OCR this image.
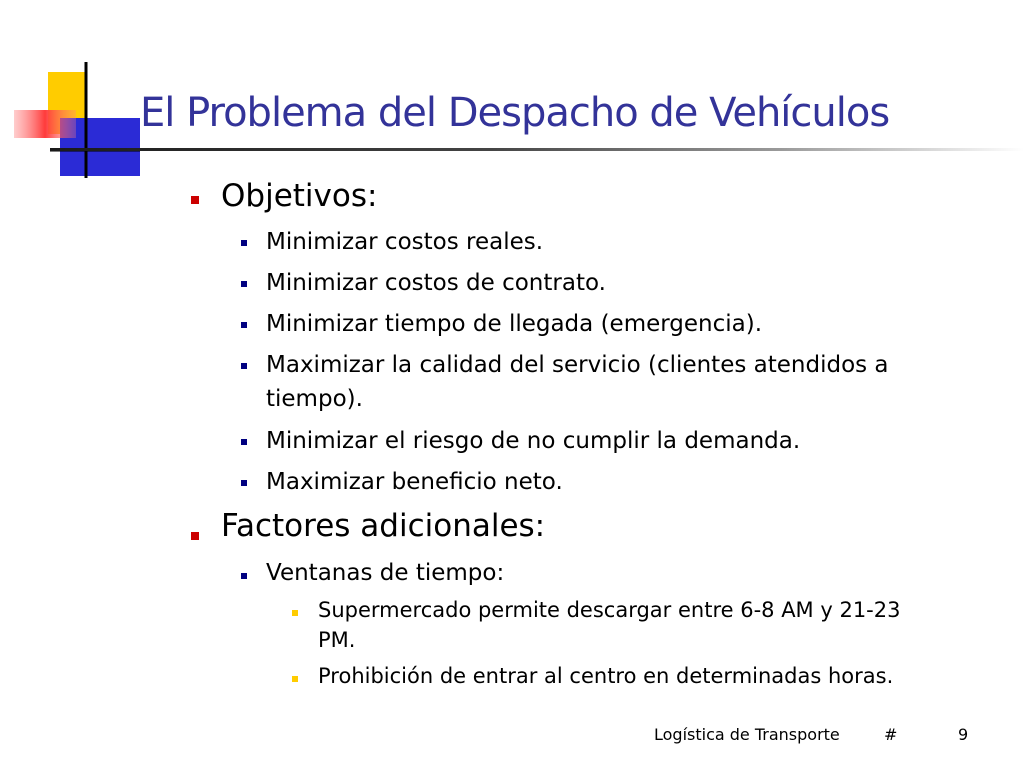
El Problema del Despacho de Vehículos
Objetivos:
Minimizar costos reales.
Minimizar costos de contrato.
Minimizar tiempo de llegada (emergencia).
Maximizar la calidad del servicio (clientes atendidos a
tiempo).
Minimizar el riesgo de no cumplir la demanda.
Maximizar beneficio neto.
Factores adicionales:
Ventanas de tiempo:
Supermercado permite descargar entre 6-8 AM y 21-23
PM.
Prohibición de entrar al centro en determinadas horas.
Logística de Transporte	#	9
